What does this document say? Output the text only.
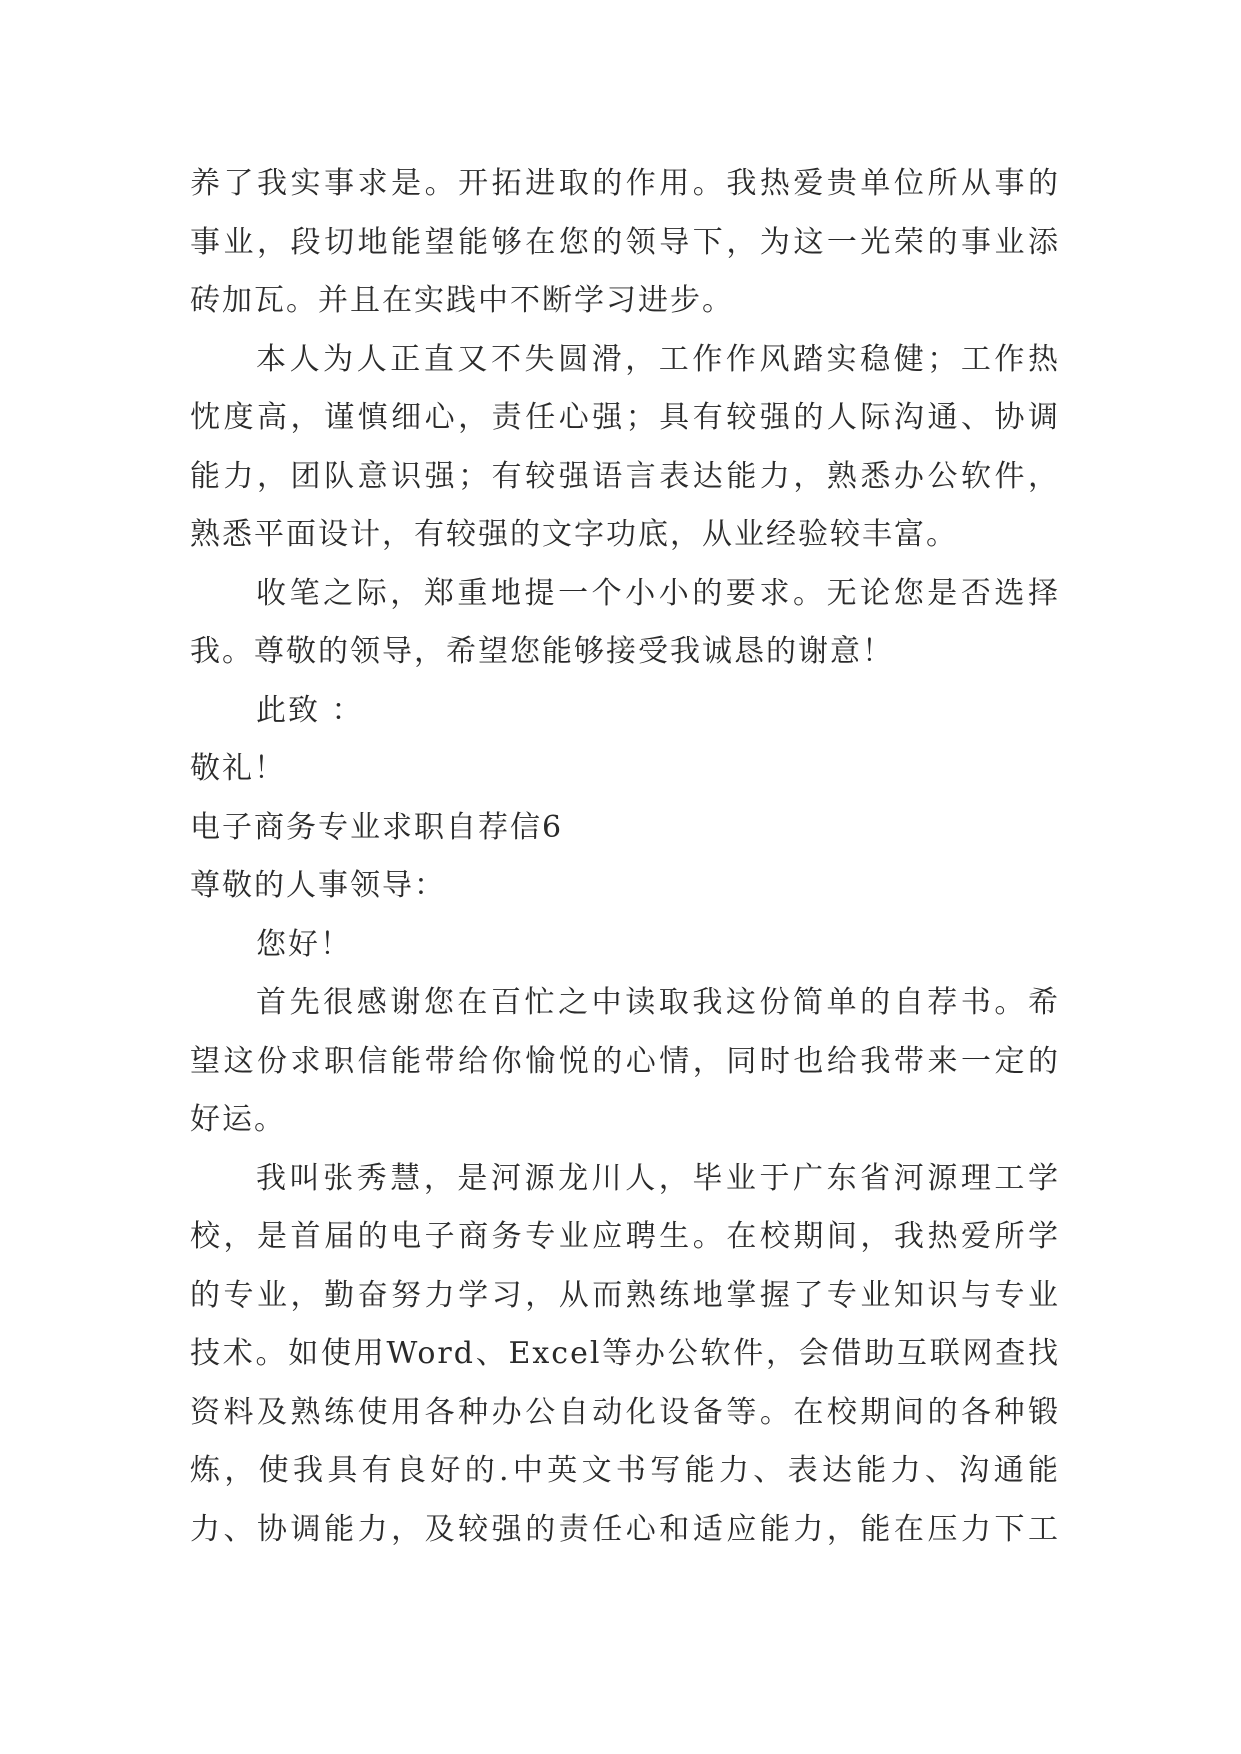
养了我实事求是。开拓进取的作用。我热爱贵单位所从事的
事业，段切地能望能够在您的领导下，为这一光荣的事业添
砖加瓦。并且在实践中不断学习进步。
本人为人正直又不失圆滑，工作作风踏实稳健；工作热
忱度高，谨慎细心，责任心强；具有较强的人际沟通、协调
能力，团队意识强；有较强语言表达能力，熟悉办公软件，
熟悉平面设计，有较强的文字功底，从业经验较丰富。
收笔之际，郑重地提一个小小的要求。无论您是否选择
我。尊敬的领导，希望您能够接受我诚恳的谢意！
此致 ：
敬礼！
电子商务专业求职自荐信6
尊敬的人事领导：
您好！
首先很感谢您在百忙之中读取我这份简单的自荐书。希
望这份求职信能带给你愉悦的心情，同时也给我带来一定的
好运。
我叫张秀慧，是河源龙川人，毕业于广东省河源理工学
校，是首届的电子商务专业应聘生。在校期间，我热爱所学
的专业，勤奋努力学习，从而熟练地掌握了专业知识与专业
技术。如使用Word、Excel等办公软件，会借助互联网查找
资料及熟练使用各种办公自动化设备等。在校期间的各种锻
炼，使我具有良好的.中英文书写能力、表达能力、沟通能
力、协调能力，及较强的责任心和适应能力，能在压力下工
